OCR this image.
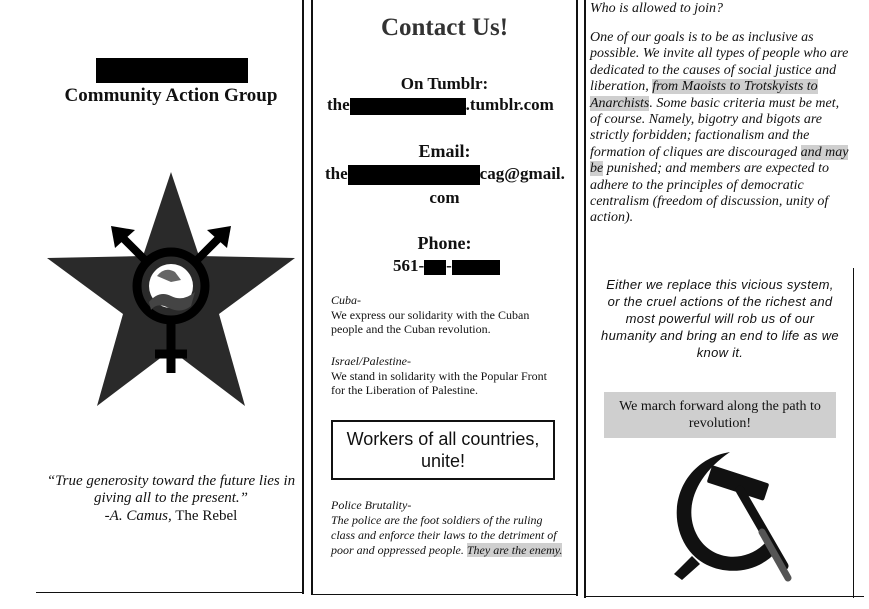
Community Action Group
“True generosity toward the future lies in giving all to the present.”
-A. Camus, The Rebel
Contact Us!
On Tumblr:
the	.tumblr.com
Email:
the	cag@gmail.
com
Phone:
561- -
Cuba-
We express our solidarity with the Cuban people and the Cuban revolution.
Israel/Palestine-
We stand in solidarity with the Popular Front for the Liberation of Palestine.
Workers of all countries, unite!
Police Brutality-
The police are the foot soldiers of the ruling class and enforce their laws to the detriment of poor and oppressed people. They are the enemy.
Who is allowed to join?
One of our goals is to be as inclusive as possible. We invite all types of people who are dedicated to the causes of social justice and liberation, from Maoists to Trotskyists to Anarchists. Some basic criteria must be met, of course. Namely, bigotry and bigots are strictly forbidden; factionalism and the formation of cliques are discouraged and may be punished; and members are expected to adhere to the principles of democratic centralism (freedom of discussion, unity of action).
Either we replace this vicious system, or the cruel actions of the richest and most powerful will rob us of our humanity and bring an end to life as we know it.
We march forward along the path to revolution!
